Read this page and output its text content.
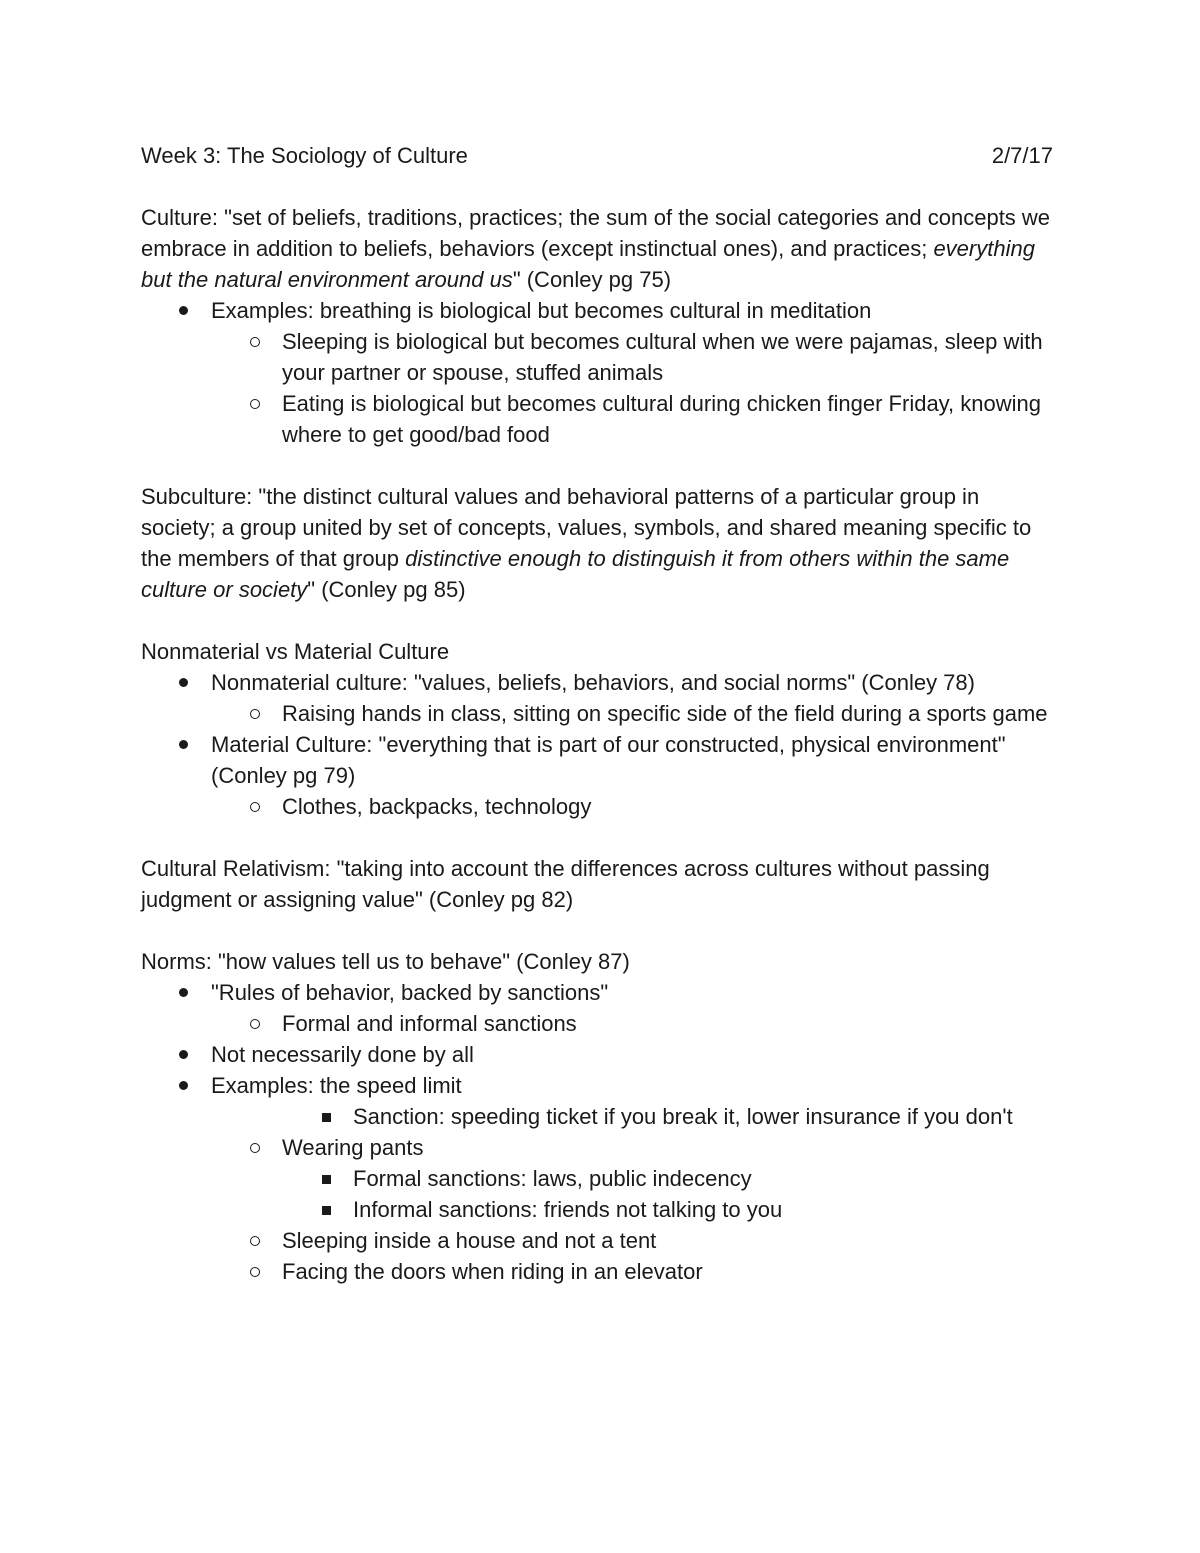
Week 3: The Sociology of Culture	2/7/17

Culture: "set of beliefs, traditions, practices; the sum of the social categories and concepts we embrace in addition to beliefs, behaviors (except instinctual ones), and practices; everything but the natural environment around us" (Conley pg 75)

Examples: breathing is biological but becomes cultural in meditation
Sleeping is biological but becomes cultural when we were pajamas, sleep with your partner or spouse, stuffed animals
Eating is biological but becomes cultural during chicken finger Friday, knowing where to get good/bad food

Subculture: "the distinct cultural values and behavioral patterns of a particular group in society; a group united by set of concepts, values, symbols, and shared meaning specific to the members of that group distinctive enough to distinguish it from others within the same culture or society" (Conley pg 85)

Nonmaterial vs Material Culture

Nonmaterial culture: "values, beliefs, behaviors, and social norms" (Conley 78)
Raising hands in class, sitting on specific side of the field during a sports game
Material Culture: "everything that is part of our constructed, physical environment" (Conley pg 79)
Clothes, backpacks, technology

Cultural Relativism: "taking into account the differences across cultures without passing judgment or assigning value" (Conley pg 82)

Norms: "how values tell us to behave" (Conley 87)

"Rules of behavior, backed by sanctions"
Formal and informal sanctions
Not necessarily done by all
Examples: the speed limit
Sanction: speeding ticket if you break it, lower insurance if you don't
Wearing pants
Formal sanctions: laws, public indecency
Informal sanctions: friends not talking to you
Sleeping inside a house and not a tent
Facing the doors when riding in an elevator
